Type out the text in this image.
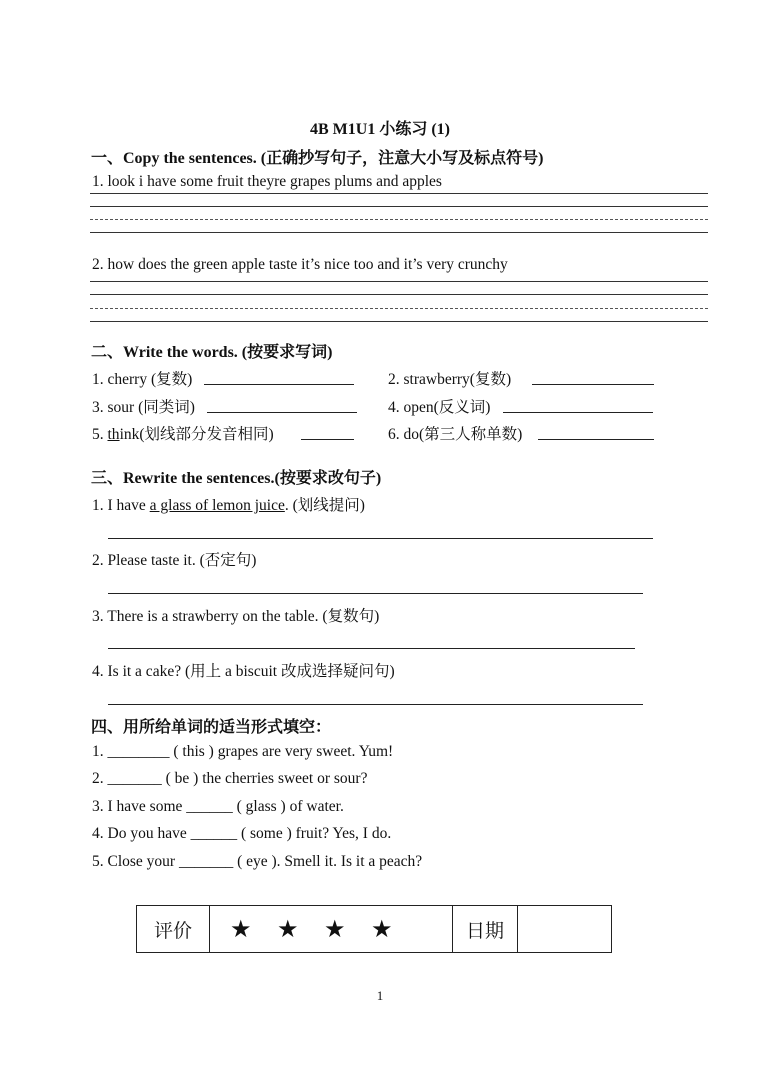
4B M1U1 小练习 (1)
一、Copy the sentences. (正确抄写句子，注意大小写及标点符号)
1. look i have some fruit theyre grapes plums and apples
2. how does the green apple taste it’s nice too and it’s very crunchy
二、Write the words. (按要求写词)
1. cherry (复数)	2. strawberry(复数)
3. sour (同类词)	4. open(反义词)
5. think(划线部分发音相同)	6. do(第三人称单数)
三、Rewrite the sentences.(按要求改句子)
1. I have a glass of lemon juice. (划线提问)
2. Please taste it. (否定句)
3. There is a strawberry on the table. (复数句)
4. Is it a cake? (用上 a biscuit 改成选择疑问句)
四、用所给单词的适当形式填空：
1. ________ ( this ) grapes are very sweet. Yum!
2. _______ ( be ) the cherries sweet or sour?
3. I have some ______ ( glass ) of water.
4. Do you have ______ ( some ) fruit? Yes, I do.
5. Close your _______ ( eye ). Smell it. Is it a peach?
评价	★ ★ ★ ★	日期	
1
